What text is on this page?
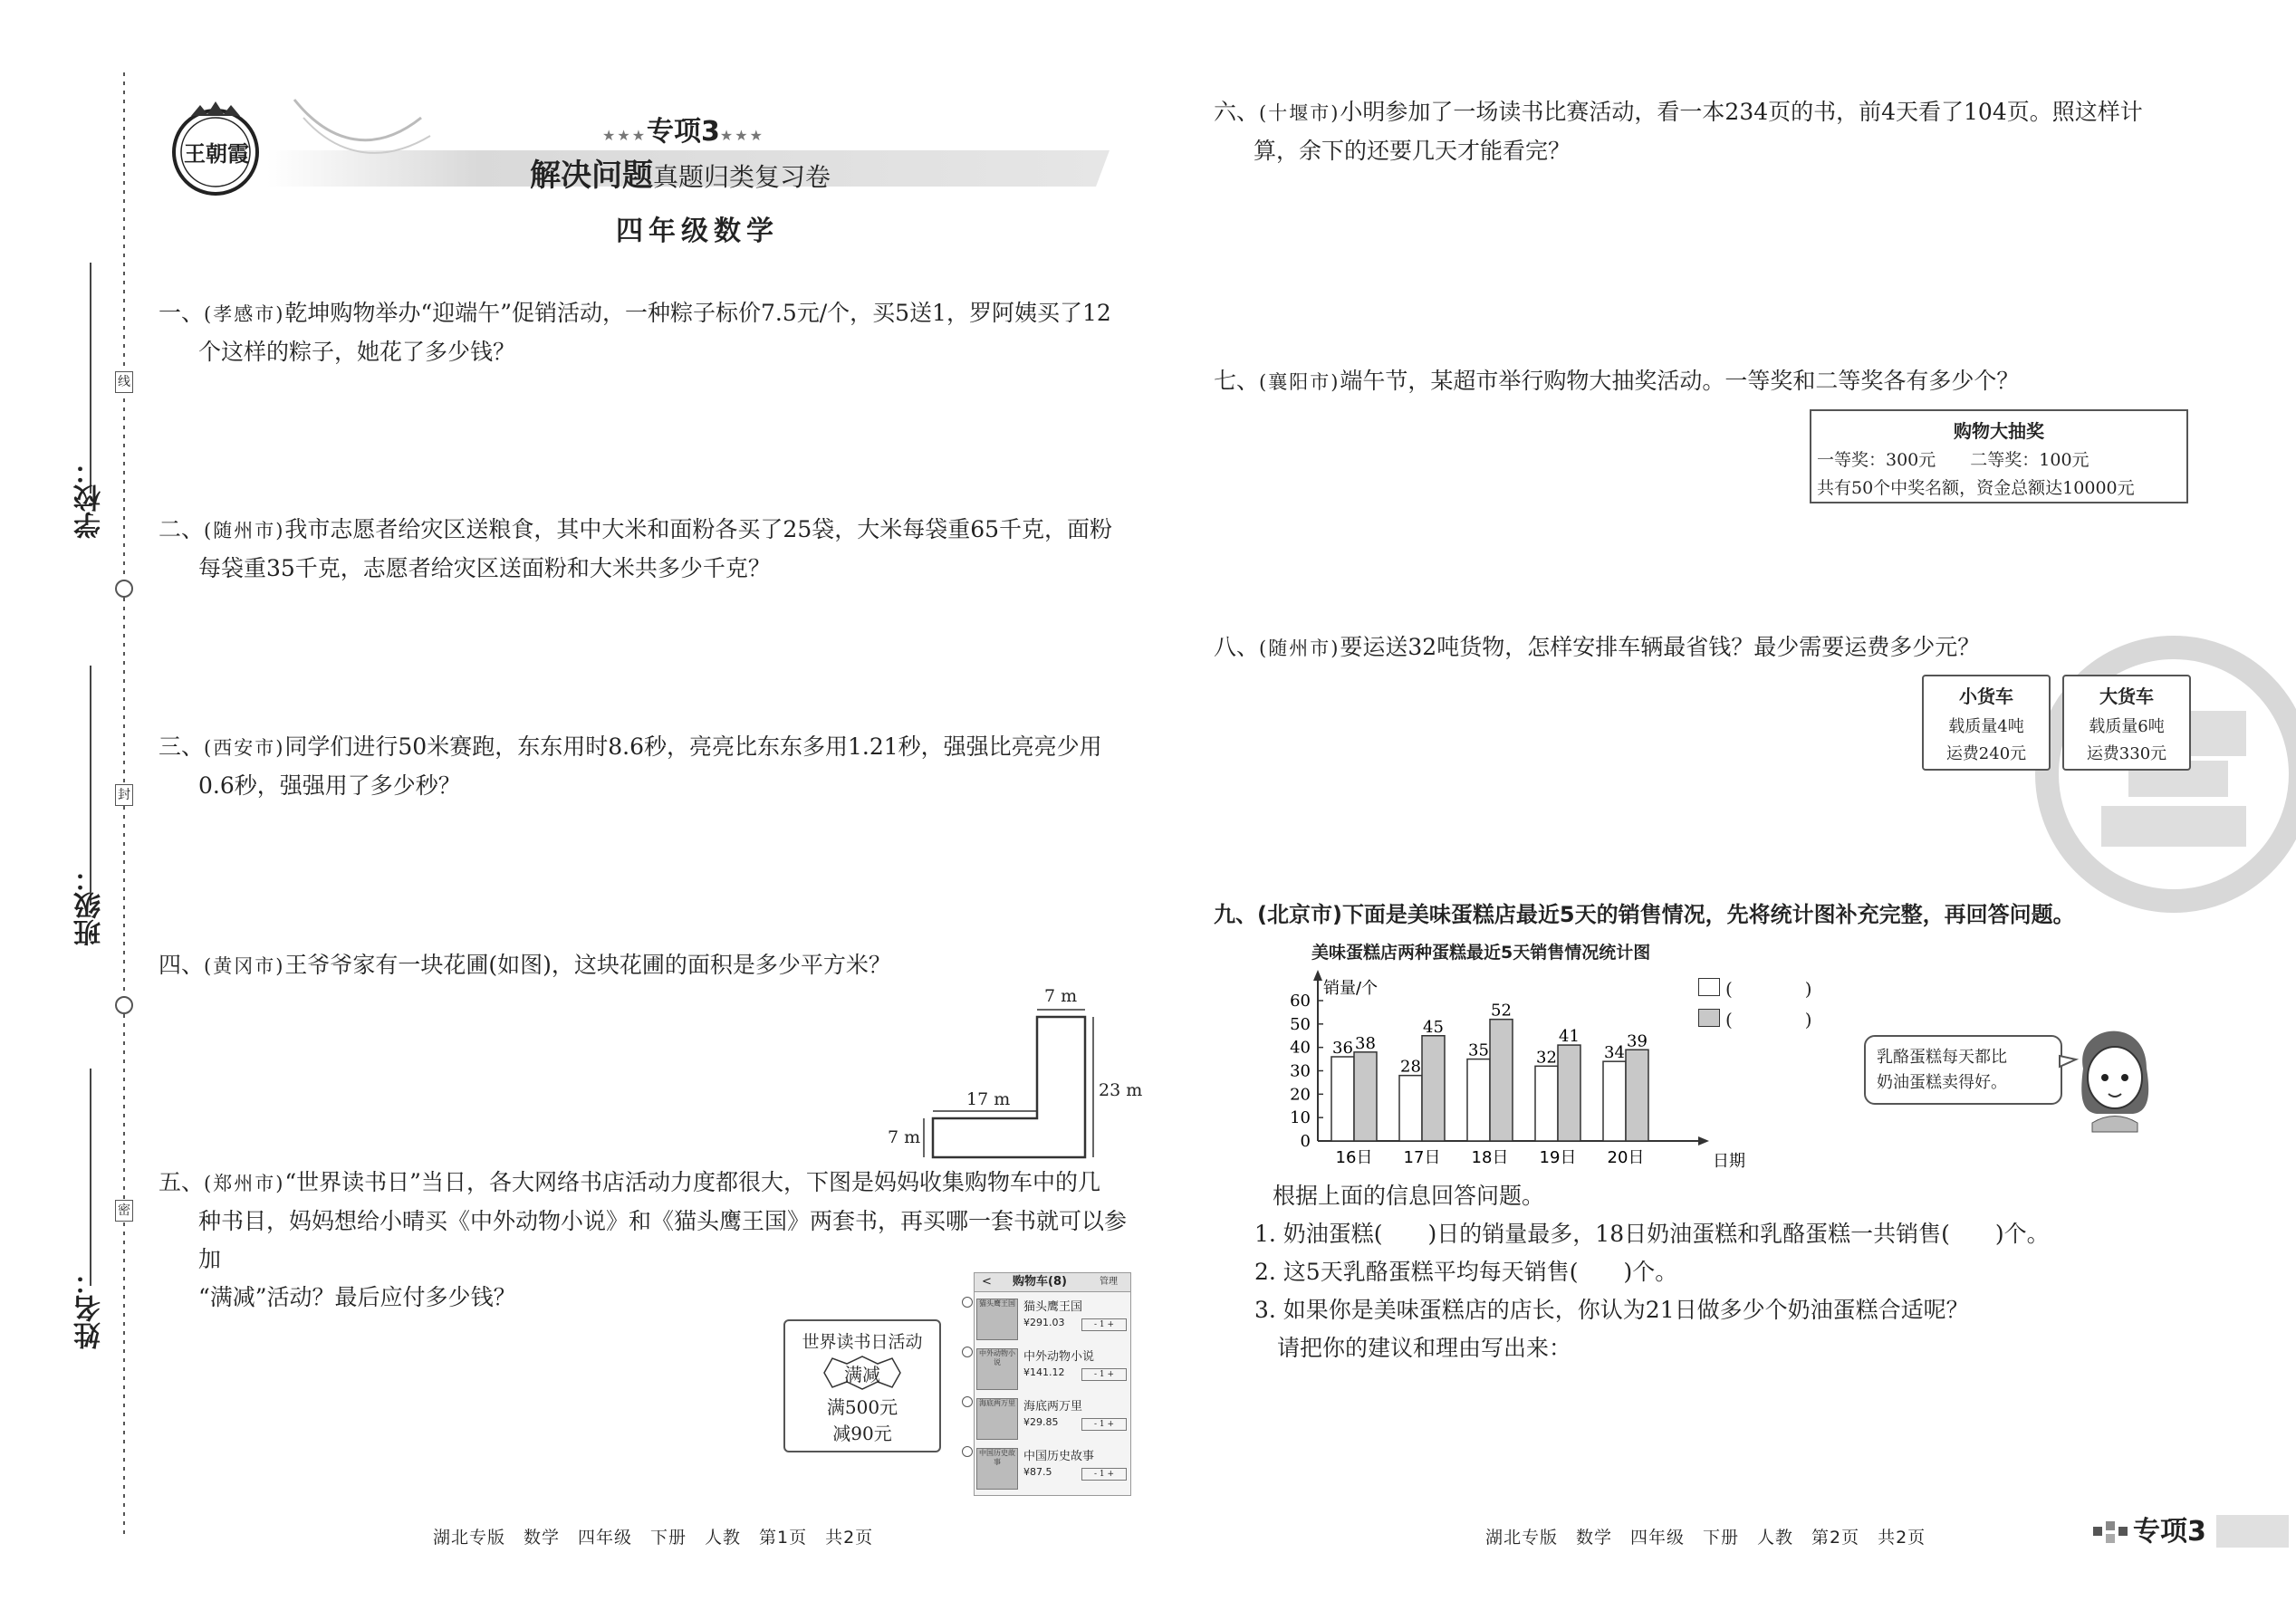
学校：
班级：
姓名：
线
封
密
王朝霞
★★★专项3★★★
解决问题真题归类复习卷
四年级数学
一、(孝感市)乾坤购物举办“迎端午”促销活动，一种粽子标价7.5元/个，买5送1，罗阿姨买了12
个这样的粽子，她花了多少钱？
二、(随州市)我市志愿者给灾区送粮食，其中大米和面粉各买了25袋，大米每袋重65千克，面粉
每袋重35千克，志愿者给灾区送面粉和大米共多少千克？
三、(西安市)同学们进行50米赛跑，东东用时8.6秒，亮亮比东东多用1.21秒，强强比亮亮少用
0.6秒，强强用了多少秒？
四、(黄冈市)王爷爷家有一块花圃(如图)，这块花圃的面积是多少平方米？
7 m
17 m	23 m
7 m
五、(郑州市)“世界读书日”当日，各大网络书店活动力度都很大，下图是妈妈收集购物车中的几
种书目，妈妈想给小晴买《中外动物小说》和《猫头鹰王国》两套书，再买哪一套书就可以参加
“满减”活动？最后应付多少钱？
世界读书日活动
满减
满500元
减90元
< 购物车(8)	管理
猫头鹰王国 猫头鹰王国
¥291.03	- 1 +
中外动物小说	中外动物小说
¥141.12	- 1 +
海底两万里 海底两万里
¥29.85	- 1 +
中国历史故事	中国历史故事
¥87.5	- 1 +
湖北专版　数学　四年级　下册　人教　第1页　共2页
六、(十堰市)小明参加了一场读书比赛活动，看一本234页的书，前4天看了104页。照这样计
算，余下的还要几天才能看完？
七、(襄阳市)端午节，某超市举行购物大抽奖活动。一等奖和二等奖各有多少个？
购物大抽奖
一等奖：300元　　二等奖：100元
共有50个中奖名额，资金总额达10000元
八、(随州市)要运送32吨货物，怎样安排车辆最省钱？最少需要运费多少元？
小货车
载质量4吨
运费240元
大货车
载质量6吨
运费330元
九、(北京市)下面是美味蛋糕店最近5天的销售情况，先将统计图补充完整，再回答问题。
美味蛋糕店两种蛋糕最近5天销售情况统计图
0
10
20
30
40
50
60
销量/个
日期
36 38
16日
28
45
17日
35
52
18日
32
41
19日
34
39
20日
(　　　　)
(　　　　)
乳酪蛋糕每天都比
奶油蛋糕卖得好。
根据上面的信息回答问题。
1. 奶油蛋糕(　　)日的销量最多，18日奶油蛋糕和乳酪蛋糕一共销售(　　)个。
2. 这5天乳酪蛋糕平均每天销售(　　)个。
3. 如果你是美味蛋糕店的店长，你认为21日做多少个奶油蛋糕合适呢？
请把你的建议和理由写出来：
湖北专版　数学　四年级　下册　人教　第2页　共2页	专项3
